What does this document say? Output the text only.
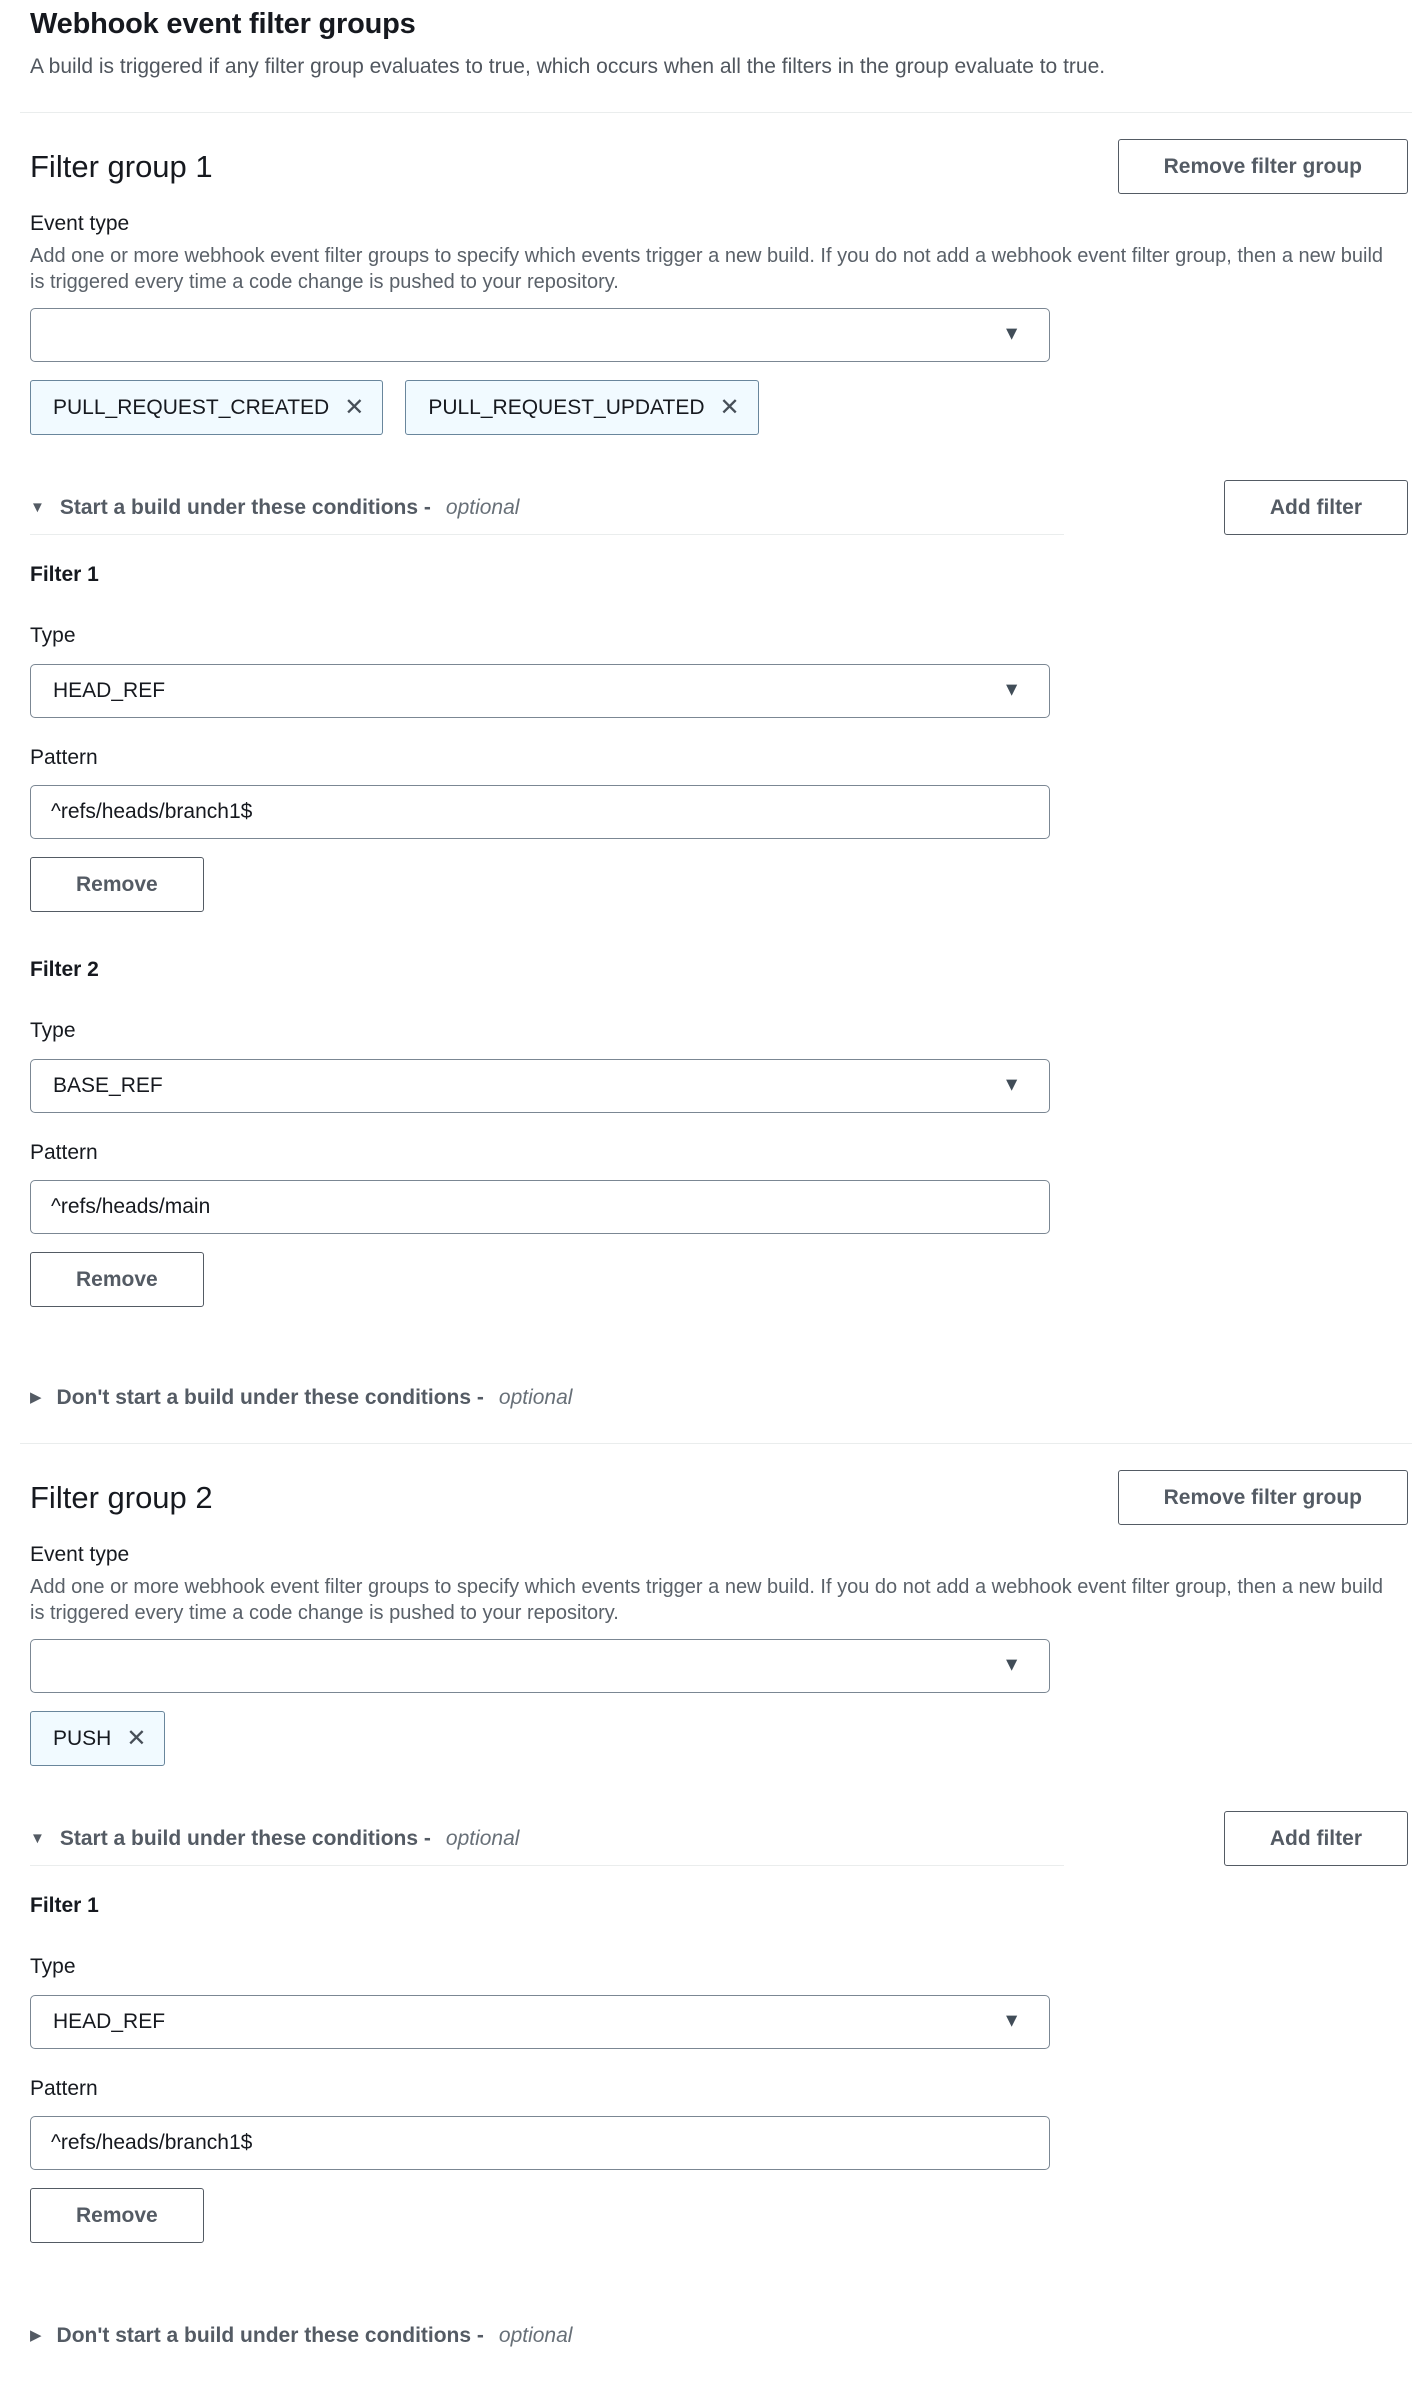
Webhook event filter groups

A build is triggered if any filter group evaluates to true, which occurs when all the filters in the group evaluate to true.

Filter group 1	Remove filter group
Event type

Add one or more webhook event filter groups to specify which events trigger a new build. If you do not add a webhook event filter group, then a new build is triggered every time a code change is pushed to your repository.

▼
PULL_REQUEST_CREATED ✕	PULL_REQUEST_UPDATED ✕
▼ Start a build under these conditions - optional	Add filter
Filter 1
Type
HEAD_REF	▼
Pattern
^refs/heads/branch1$ Remove
Filter 2
Type
BASE_REF	▼
Pattern
^refs/heads/main Remove
▶ Don't start a build under these conditions - optional
Filter group 2	Remove filter group
Event type

Add one or more webhook event filter groups to specify which events trigger a new build. If you do not add a webhook event filter group, then a new build is triggered every time a code change is pushed to your repository.

▼
PUSH ✕
▼ Start a build under these conditions - optional	Add filter
Filter 1
Type
HEAD_REF	▼
Pattern
^refs/heads/branch1$ Remove
▶ Don't start a build under these conditions - optional
